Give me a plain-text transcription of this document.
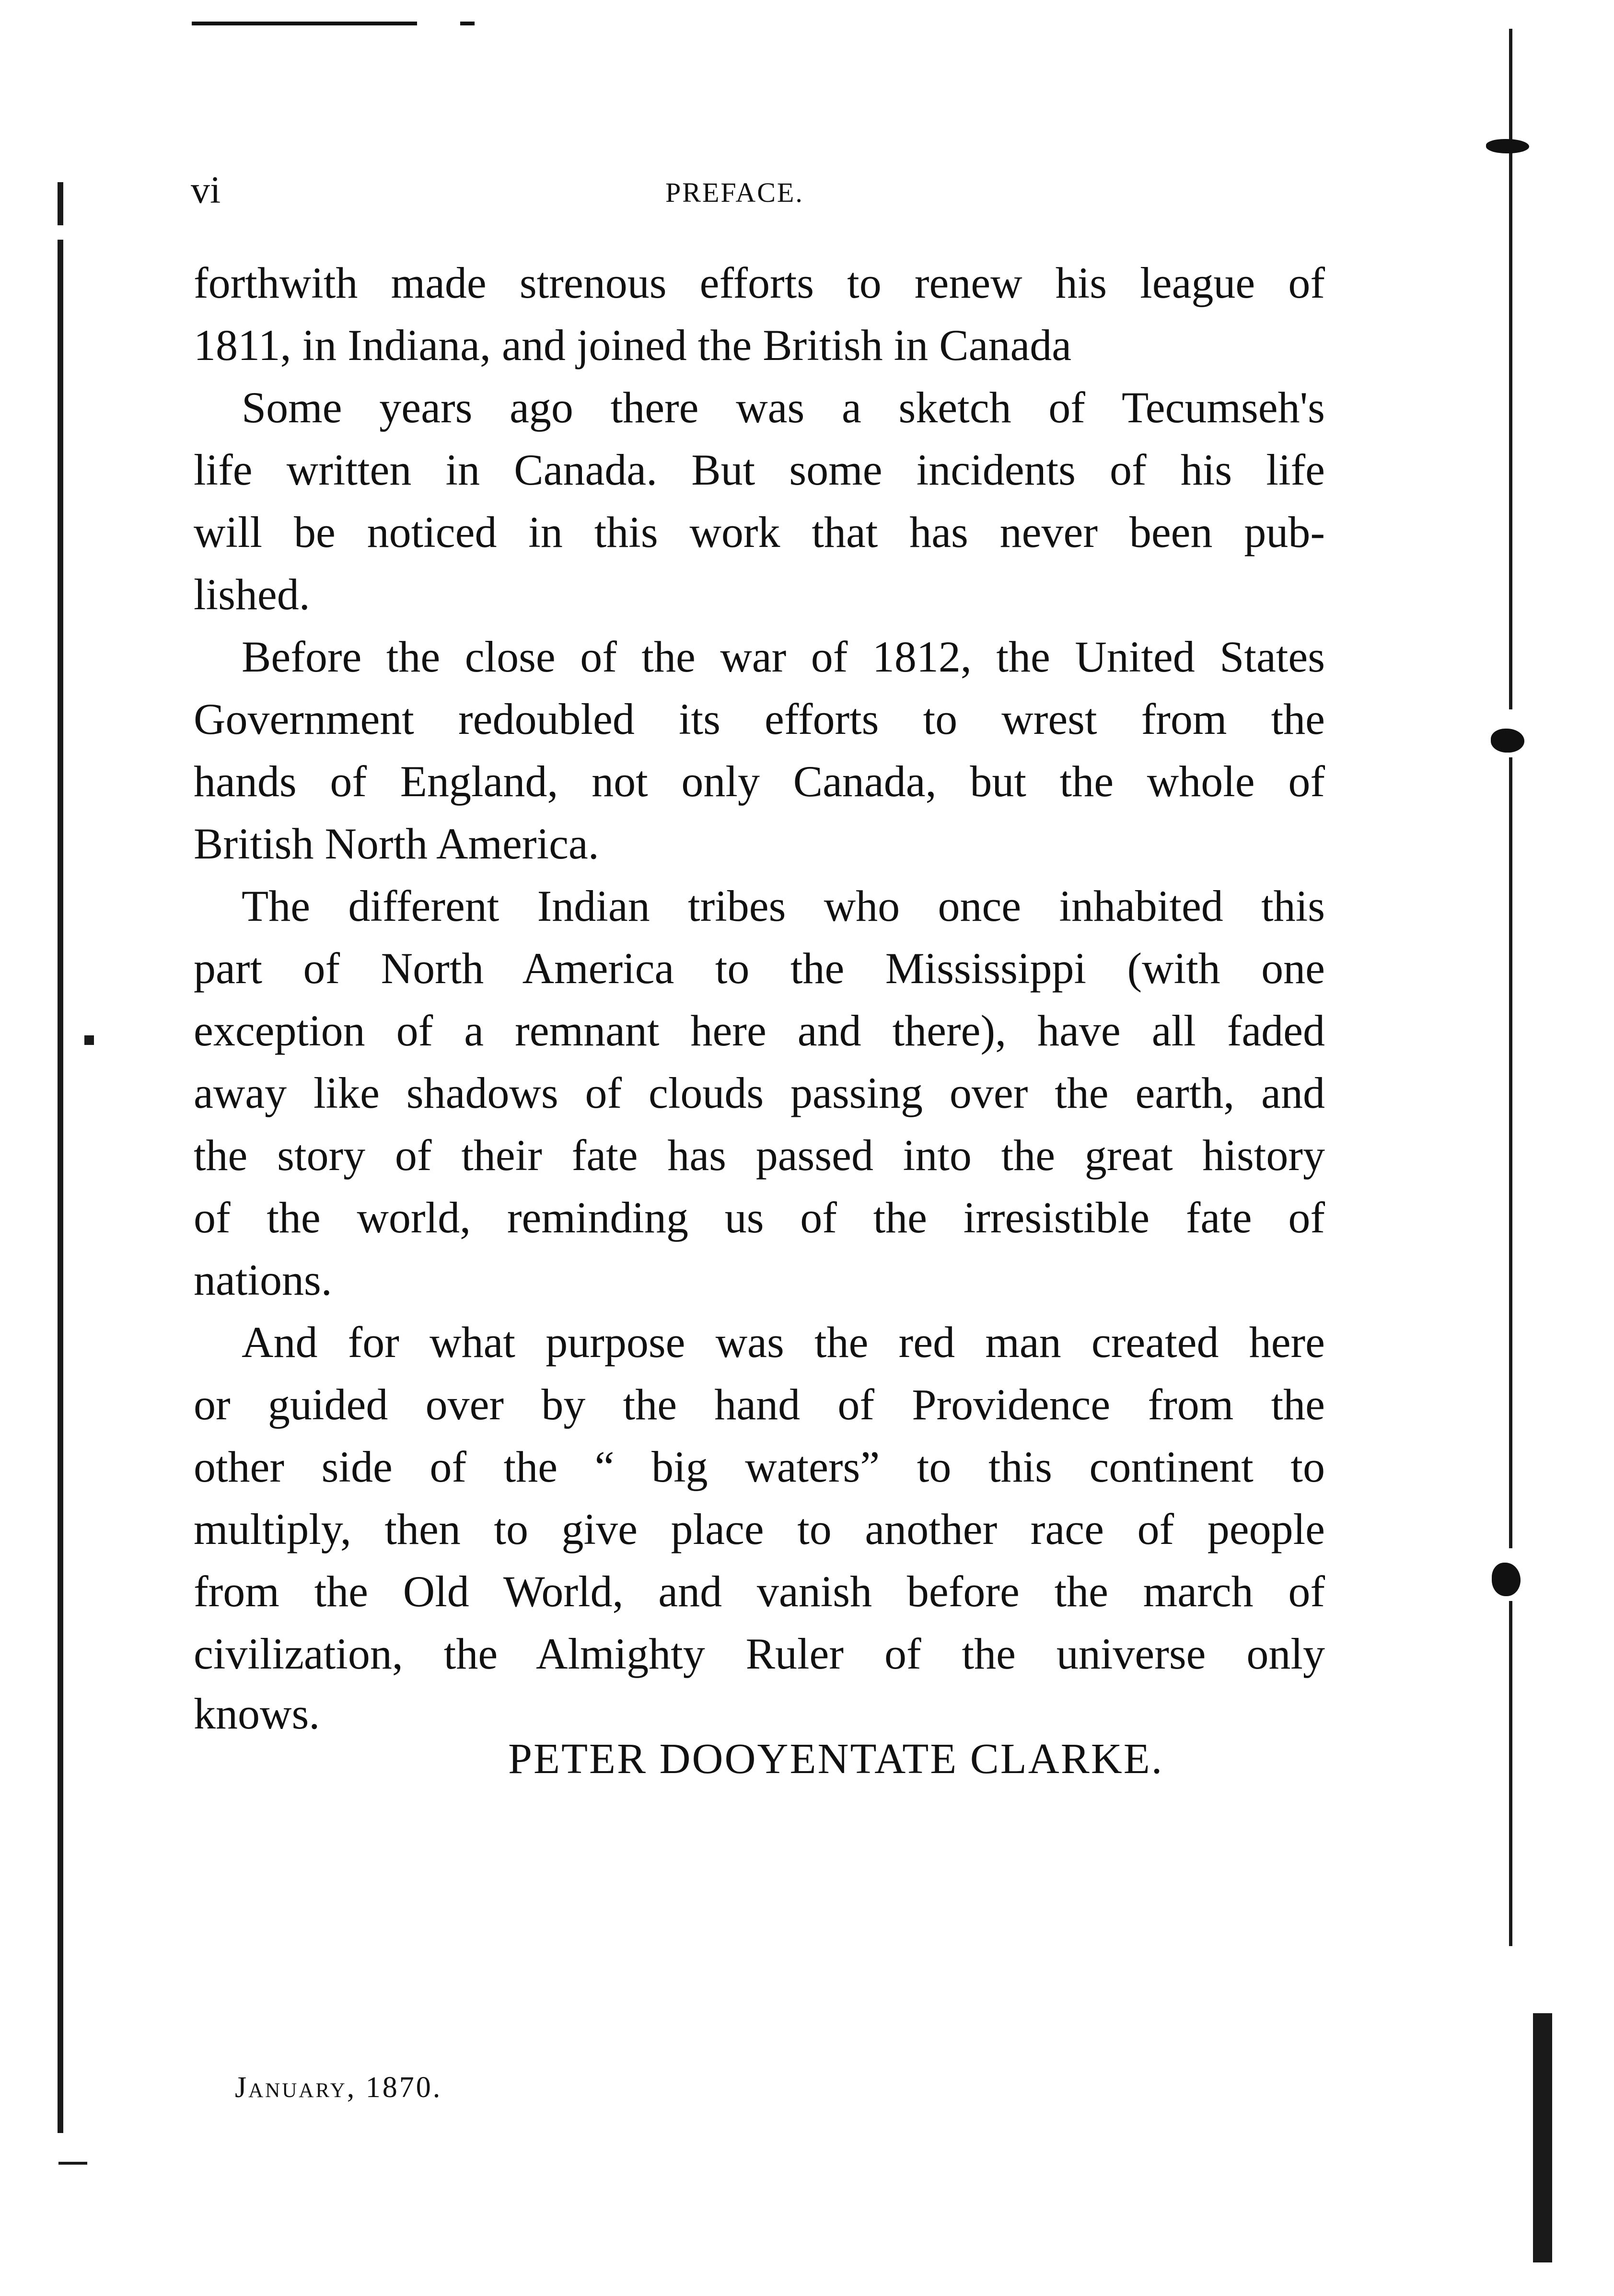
vi	PREFACE.
forthwith made strenous efforts to renew his league of
1811, in Indiana, and joined the British in Canada
Some years ago there was a sketch of Tecumseh's
life written in Canada. But some incidents of his life
will be noticed in this work that has never been pub-
lished.
Before the close of the war of 1812, the United States
Government redoubled its efforts to wrest from the
hands of England, not only Canada, but the whole of
British North America.
The different Indian tribes who once inhabited this
part of North America to the Mississippi (with one
exception of a remnant here and there), have all faded
away like shadows of clouds passing over the earth, and
the story of their fate has passed into the great history
of the world, reminding us of the irresistible fate of
nations.
And for what purpose was the red man created here
or guided over by the hand of Providence from the
other side of the “ big waters” to this continent to
multiply, then to give place to another race of people
from the Old World, and vanish before the march of
civilization, the Almighty Ruler of the universe only
knows.
PETER DOOYENTATE CLARKE.
January, 1870.
